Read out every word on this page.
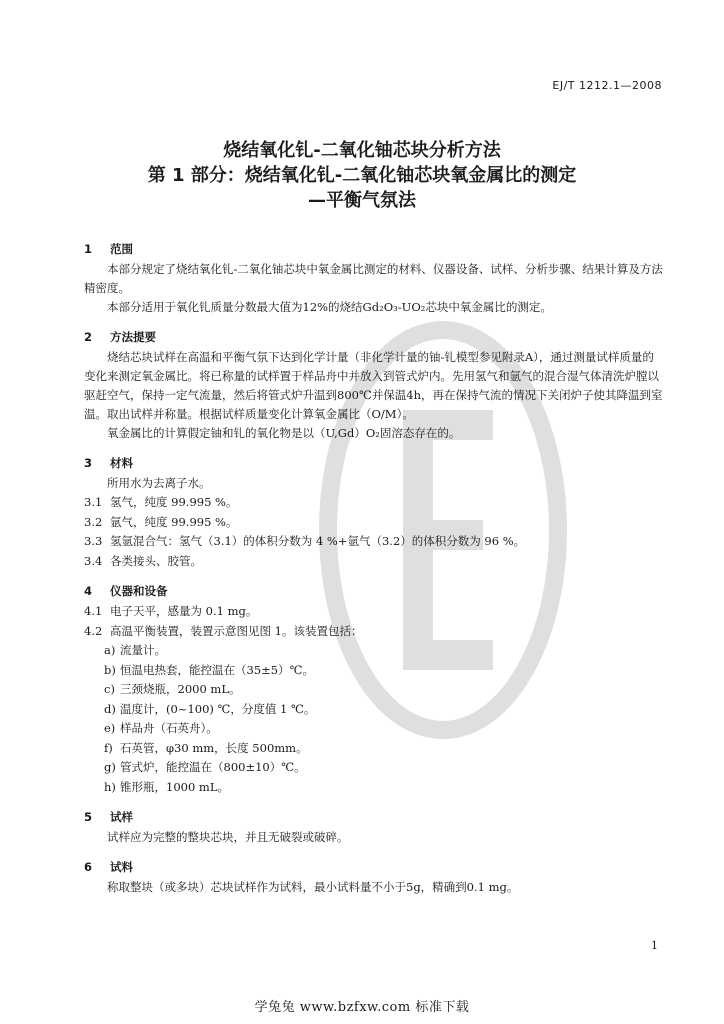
EJ/T 1212.1—2008

烧结氧化钆-二氧化铀芯块分析方法

第 1 部分：烧结氧化钆-二氧化铀芯块氧金属比的测定

—平衡气氛法

1 范围

本部分规定了烧结氧化钆-二氧化铀芯块中氧金属比测定的材料、仪器设备、试样、分析步骤、结果计算及方法精密度。

本部分适用于氧化钆质量分数最大值为12%的烧结Gd₂O₃-UO₂芯块中氧金属比的测定。

2 方法提要

烧结芯块试样在高温和平衡气氛下达到化学计量（非化学计量的铀-钆模型参见附录A），通过测量试样质量的变化来测定氧金属比。将已称量的试样置于样品舟中并放入到管式炉内。先用氢气和氩气的混合湿气体清洗炉膛以驱赶空气，保持一定气流量，然后将管式炉升温到800℃并保温4h，再在保持气流的情况下关闭炉子使其降温到室温。取出试样并称量。根据试样质量变化计算氧金属比（O/M）。

氧金属比的计算假定铀和钆的氧化物是以（U,Gd）O₂固溶态存在的。

3 材料

所用水为去离子水。

3.1 氢气，纯度 99.995 %。

3.2 氩气，纯度 99.995 %。

3.3 氢氩混合气：氢气（3.1）的体积分数为 4 %+氩气（3.2）的体积分数为 96 %。

3.4 各类接头、胶管。

4 仪器和设备

4.1 电子天平，感量为 0.1 mg。

4.2 高温平衡装置，装置示意图见图 1。该装置包括：

a) 流量计。

b) 恒温电热套，能控温在（35±5）℃。

c) 三颈烧瓶，2000 mL。

d) 温度计，(0~100) ℃，分度值 1 ℃。

e) 样品舟（石英舟）。

f) 石英管，φ30 mm，长度 500mm。

g) 管式炉，能控温在（800±10）℃。

h) 锥形瓶，1000 mL。

5 试样

试样应为完整的整块芯块，并且无破裂或破碎。

6 试料

称取整块（或多块）芯块试样作为试料，最小试料量不小于5g，精确到0.1 mg。

1
学兔兔 www.bzfxw.com 标准下载
